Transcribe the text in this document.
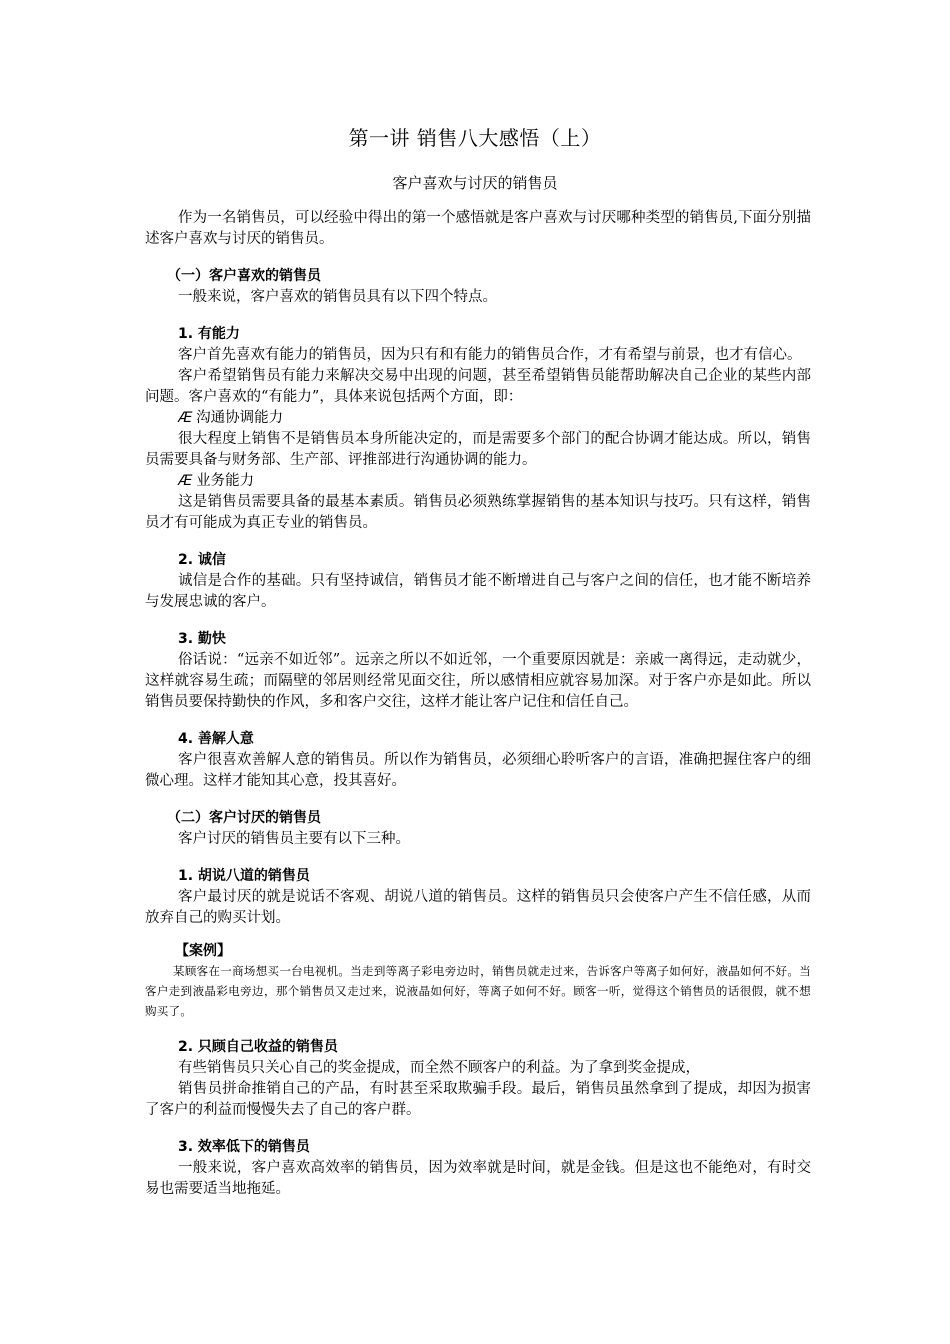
第一讲 销售八大感悟（上）
客户喜欢与讨厌的销售员

作为一名销售员，可以经验中得出的第一个感悟就是客户喜欢与讨厌哪种类型的销售员,下面分别描述客户喜欢与讨厌的销售员。

（一）客户喜欢的销售员

一般来说，客户喜欢的销售员具有以下四个特点。

1. 有能力

客户首先喜欢有能力的销售员，因为只有和有能力的销售员合作，才有希望与前景，也才有信心。

客户希望销售员有能力来解决交易中出现的问题，甚至希望销售员能帮助解决自己企业的某些内部问题。客户喜欢的“有能力”，具体来说包括两个方面，即：

Æ 沟通协调能力

很大程度上销售不是销售员本身所能决定的，而是需要多个部门的配合协调才能达成。所以，销售员需要具备与财务部、生产部、评推部进行沟通协调的能力。

Æ 业务能力

这是销售员需要具备的最基本素质。销售员必须熟练掌握销售的基本知识与技巧。只有这样，销售员才有可能成为真正专业的销售员。

2. 诚信

诚信是合作的基础。只有坚持诚信，销售员才能不断增进自己与客户之间的信任，也才能不断培养与发展忠诚的客户。

3. 勤快

俗话说：“远亲不如近邻”。远亲之所以不如近邻，一个重要原因就是：亲戚一离得远，走动就少，这样就容易生疏；而隔壁的邻居则经常见面交往，所以感情相应就容易加深。对于客户亦是如此。所以销售员要保持勤快的作风，多和客户交往，这样才能让客户记住和信任自己。

4. 善解人意

客户很喜欢善解人意的销售员。所以作为销售员，必须细心聆听客户的言语，准确把握住客户的细微心理。这样才能知其心意，投其喜好。

（二）客户讨厌的销售员

客户讨厌的销售员主要有以下三种。

1. 胡说八道的销售员

客户最讨厌的就是说话不客观、胡说八道的销售员。这样的销售员只会使客户产生不信任感，从而放弃自己的购买计划。

【案例】

某顾客在一商场想买一台电视机。当走到等离子彩电旁边时，销售员就走过来，告诉客户等离子如何好，液晶如何不好。当客户走到液晶彩电旁边，那个销售员又走过来，说液晶如何好，等离子如何不好。顾客一听，觉得这个销售员的话很假，就不想购买了。

2. 只顾自己收益的销售员

有些销售员只关心自己的奖金提成，而全然不顾客户的利益。为了拿到奖金提成，

销售员拼命推销自己的产品，有时甚至采取欺骗手段。最后，销售员虽然拿到了提成，却因为损害了客户的利益而慢慢失去了自己的客户群。

3. 效率低下的销售员

一般来说，客户喜欢高效率的销售员，因为效率就是时间，就是金钱。但是这也不能绝对，有时交易也需要适当地拖延。
